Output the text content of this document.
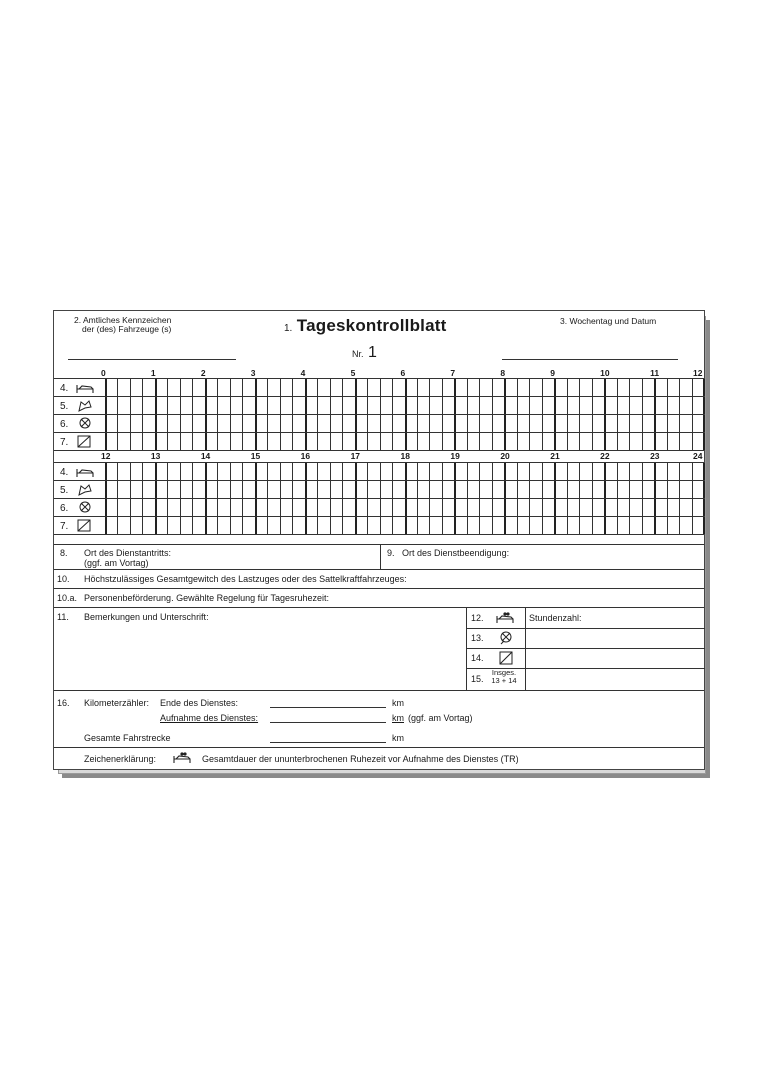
2. Amtliches Kennzeichen
der (des) Fahrzeuge (s)	1. Tageskontrollblatt	3. Wochentag und Datum
Nr. 1
0	1	2	3	4	5	6	7	8	9	10	11	12
4.
5.
6.
7.
12	13	14	15	16	17	18	19	20	21	22	23	24
4.
5.
6.
7.
8. Ort des Dienstantritts:
(ggf. am Vortag)
9. Ort des Dienstbeendigung:
10. Höchstzulässiges Gesamtgewitch des Lastzuges oder des Sattelkraftfahrzeuges:
10.a. Personenbeförderung. Gewählte Regelung für Tagesruhezeit:
11. Bemerkungen und Unterschrift:	12.	Stundenzahl:
13.
14.
15.
Insges.
13 + 14
16. Kilometerzähler: Ende des Dienstes:	km
Aufnahme des Dienstes:	km (ggf. am Vortag)
Gesamte Fahrstrecke	km
Zeichenerklärung:	Gesamtdauer der ununterbrochenen Ruhezeit vor Aufnahme des Dienstes (TR)
